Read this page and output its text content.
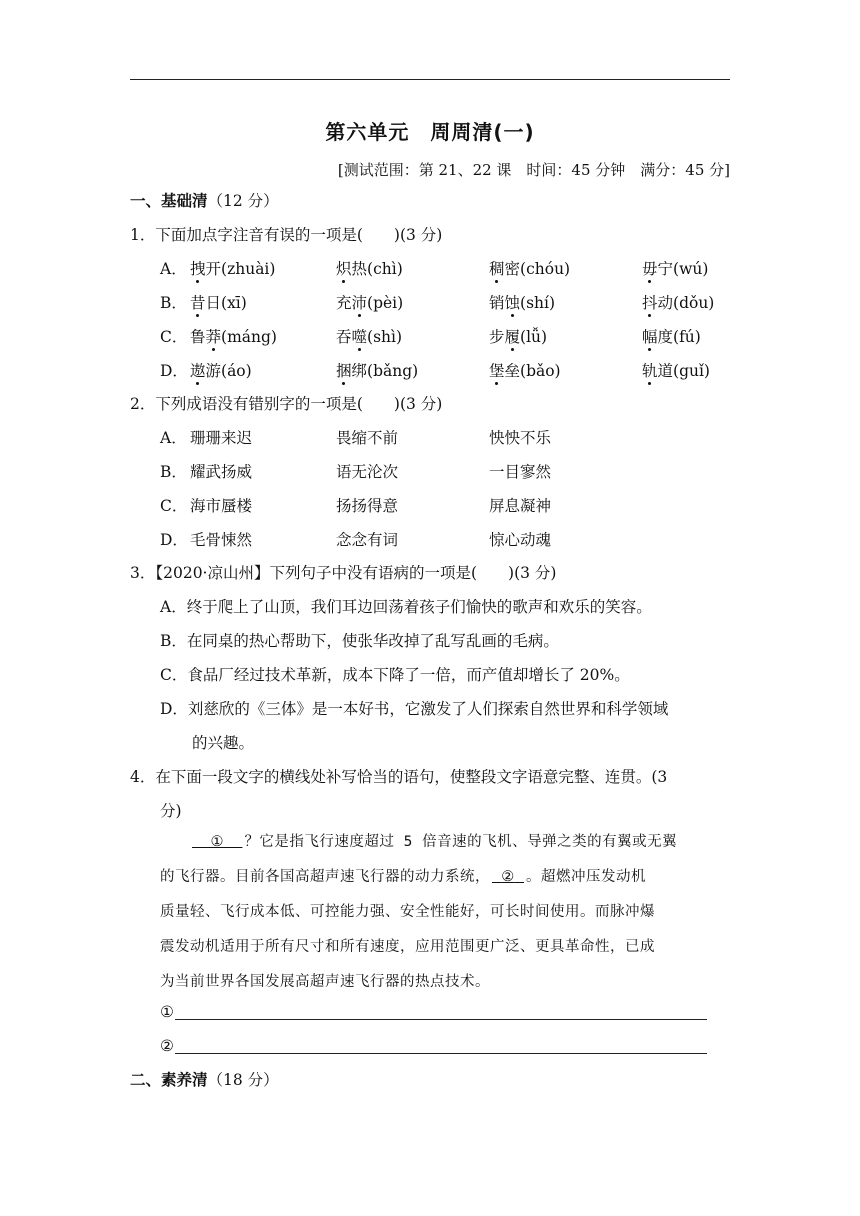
第六单元　周周清(一)
[测试范围：第 21、22 课　时间：45 分钟　满分：45 分]
一、基础清（12 分）
1．下面加点字注音有误的一项是(　　)(3 分)
A． 拽开(zhuài)	炽热(chì)	稠密(chóu)	毋宁(wú)
B． 昔日(xī)	充沛(pèi)	销蚀(shí)	抖动(dǒu)
C． 鲁莽(máng)	吞噬(shì)	步履(lǚ)	幅度(fú)
D． 遨游(áo)	捆绑(bǎng)	堡垒(bǎo)	轨道(guǐ)
2．下列成语没有错别字的一项是(　　)(3 分)
A． 珊珊来迟	畏缩不前	怏怏不乐
B． 耀武扬威	语无沦次	一目寥然
C． 海市蜃楼	扬扬得意	屏息凝神
D． 毛骨悚然	念念有词	惊心动魂
3．【2020·凉山州】下列句子中没有语病的一项是(　　)(3 分)
A．终于爬上了山顶，我们耳边回荡着孩子们愉快的歌声和欢乐的笑容。
B．在同桌的热心帮助下，使张华改掉了乱写乱画的毛病。
C．食品厂经过技术革新，成本下降了一倍，而产值却增长了 20%。
D．刘慈欣的《三体》是一本好书，它激发了人们探索自然世界和科学领域
的兴趣。
4．在下面一段文字的横线处补写恰当的语句，使整段文字语意完整、连贯。(3
分)
  ①   ？它是指飞行速度超过 5 倍音速的飞机、导弹之类的有翼或无翼
的飞行器。目前各国高超声速飞行器的动力系统，  ②  。超燃冲压发动机
质量轻、飞行成本低、可控能力强、安全性能好，可长时间使用。而脉冲爆
震发动机适用于所有尺寸和所有速度，应用范围更广泛、更具革命性，已成
为当前世界各国发展高超声速飞行器的热点技术。
①
②
二、素养清（18 分）
